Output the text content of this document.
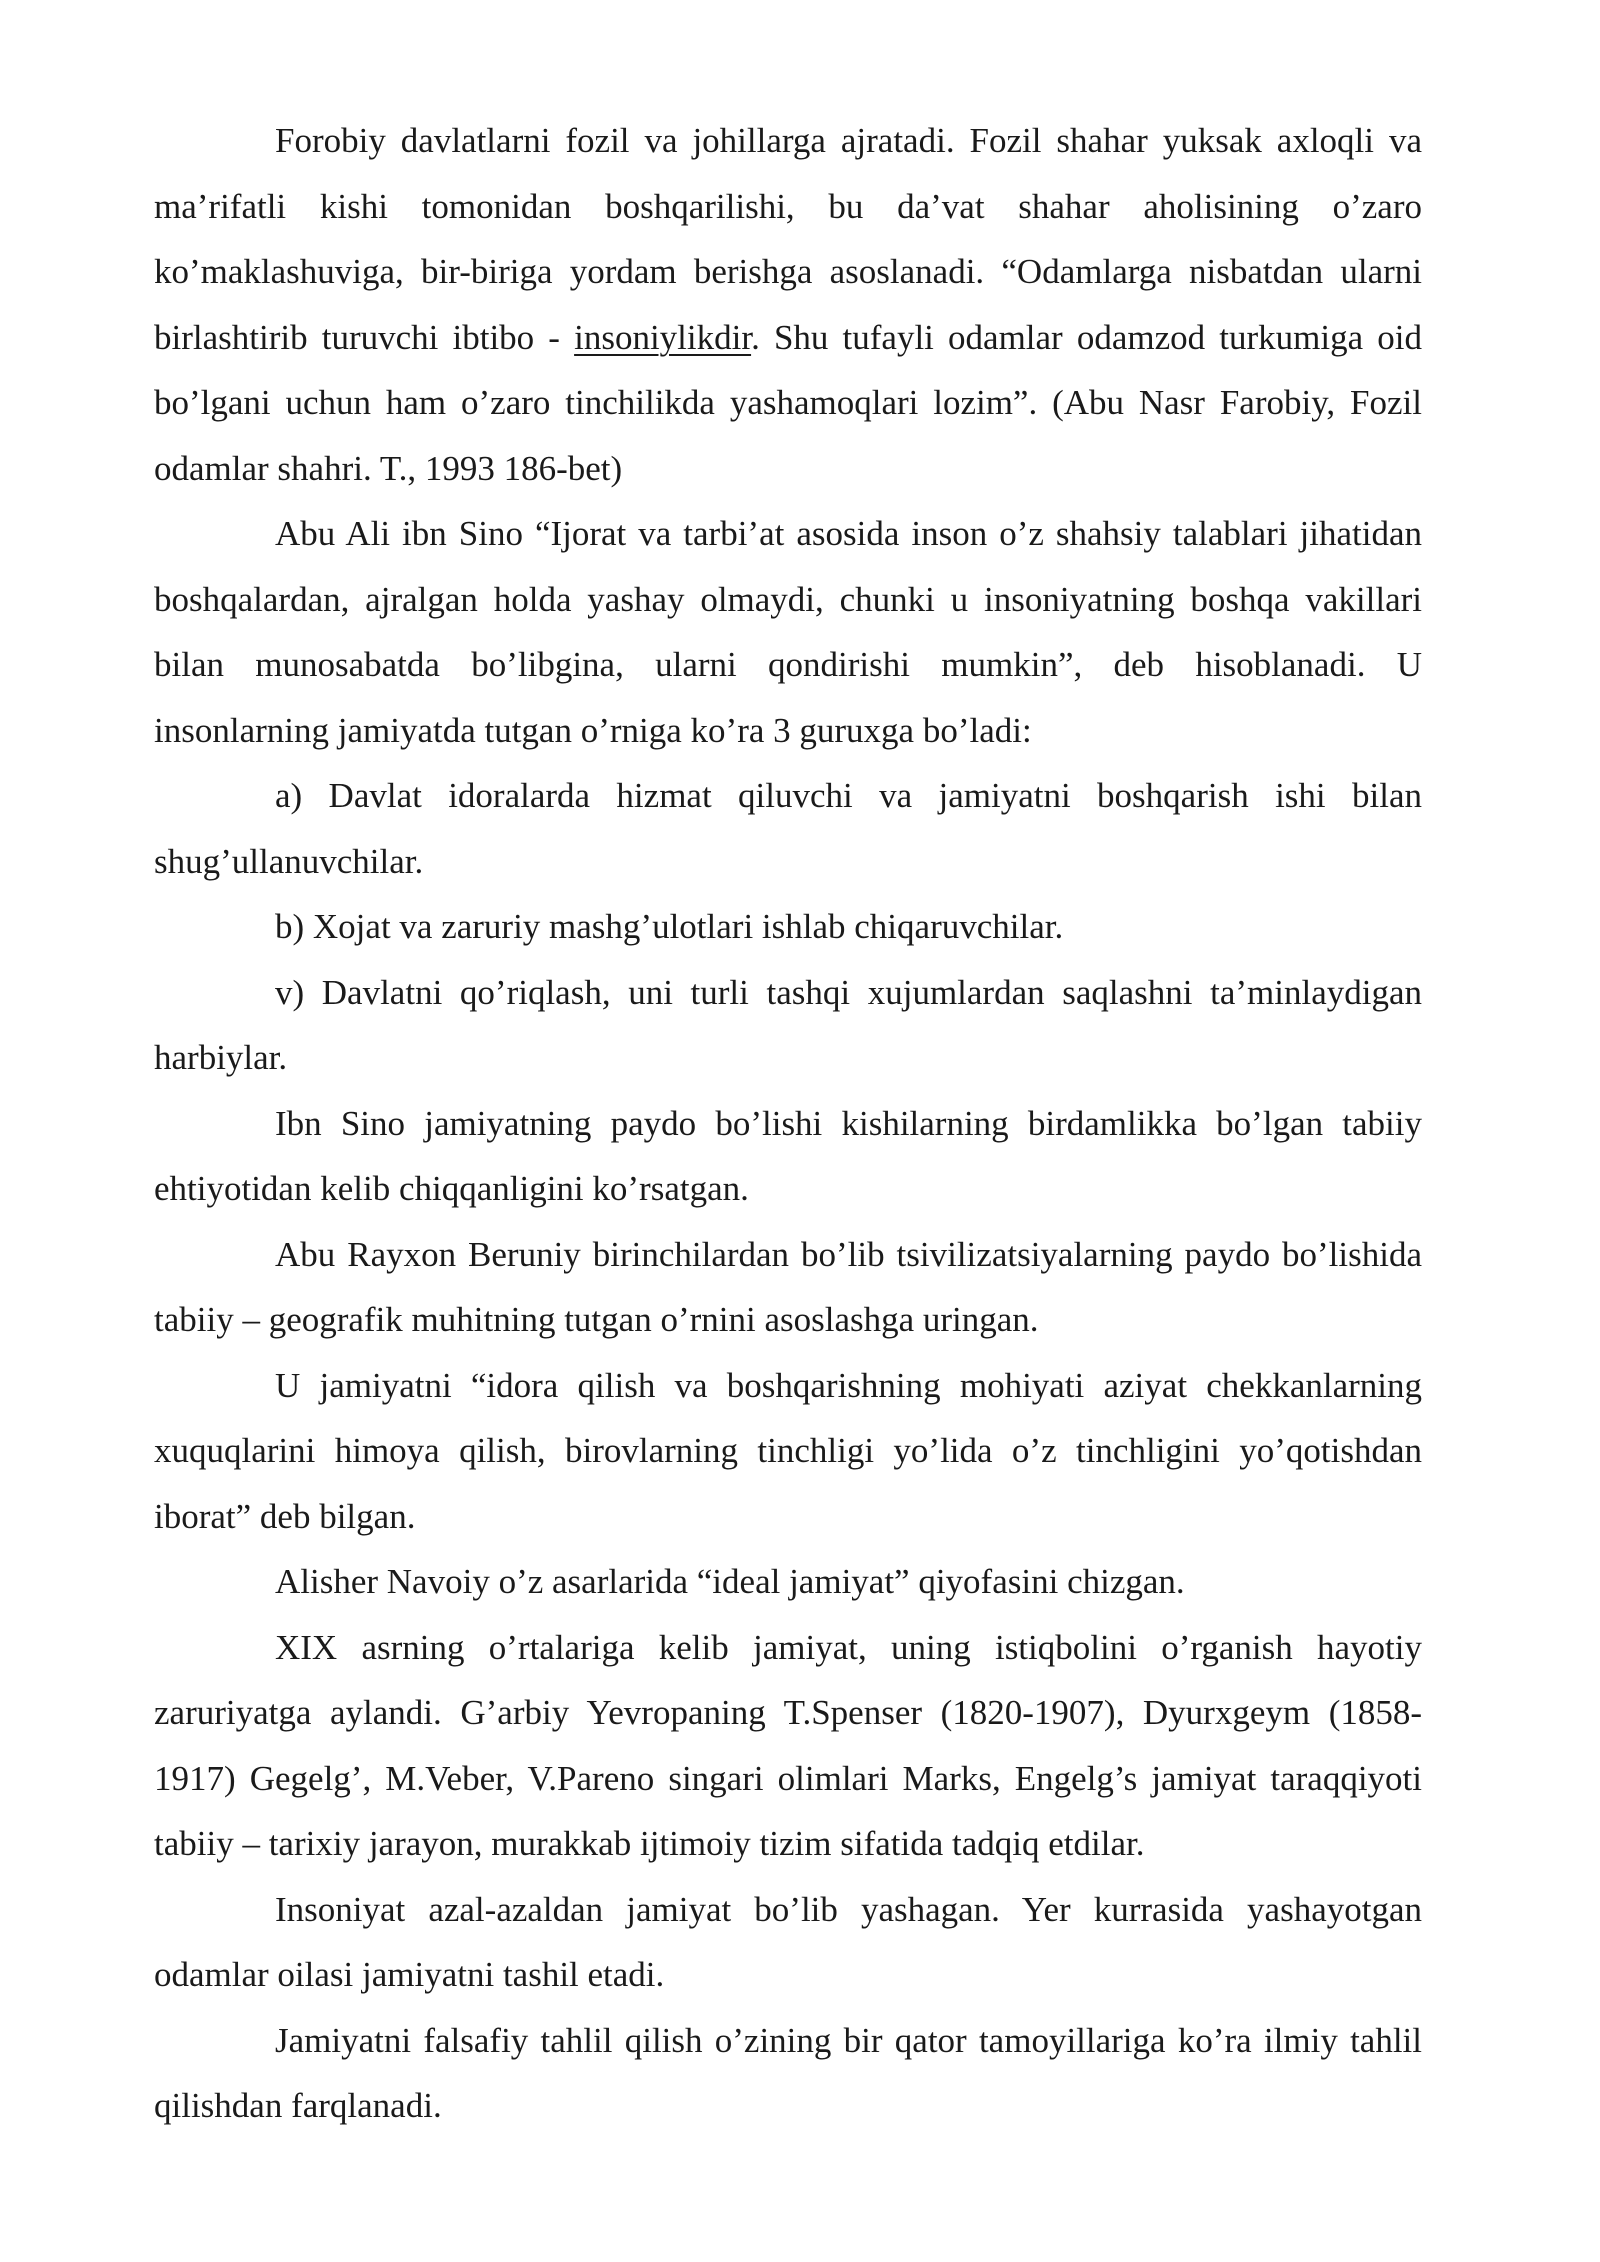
Forobiy davlatlarni fozil va johillarga ajratadi. Fozil shahar yuksak axloqli va ma’rifatli kishi tomonidan boshqarilishi, bu da’vat shahar aholisining o’zaro ko’maklashuviga, bir-biriga yordam berishga asoslanadi. “Odamlarga nisbatdan ularni birlashtirib turuvchi ibtibo - insoniylikdir. Shu tufayli odamlar odamzod turkumiga oid bo’lgani uchun ham o’zaro tinchilikda yashamoqlari lozim”. (Abu Nasr Farobiy, Fozil odamlar shahri. T., 1993 186-bet)

Abu Ali ibn Sino “Ijorat va tarbi’at asosida inson o’z shahsiy talablari jihatidan boshqalardan, ajralgan holda yashay olmaydi, chunki u insoniyatning boshqa vakillari bilan munosabatda bo’libgina, ularni qondirishi mumkin”, deb hisoblanadi. U insonlarning jamiyatda tutgan o’rniga ko’ra 3 guruxga bo’ladi:

a) Davlat idoralarda hizmat qiluvchi va jamiyatni boshqarish ishi bilan shug’ullanuvchilar.

b) Xojat va zaruriy mashg’ulotlari ishlab chiqaruvchilar.

v) Davlatni qo’riqlash, uni turli tashqi xujumlardan saqlashni ta’minlaydigan harbiylar.

Ibn Sino jamiyatning paydo bo’lishi kishilarning birdamlikka bo’lgan tabiiy ehtiyotidan kelib chiqqanligini ko’rsatgan.

Abu Rayxon Beruniy birinchilardan bo’lib tsivilizatsiyalarning paydo bo’lishida tabiiy – geografik muhitning tutgan o’rnini asoslashga uringan.

U jamiyatni “idora qilish va boshqarishning mohiyati aziyat chekkanlarning xuquqlarini himoya qilish, birovlarning tinchligi yo’lida o’z tinchligini yo’qotishdan iborat” deb bilgan.

Alisher Navoiy o’z asarlarida “ideal jamiyat” qiyofasini chizgan.

XIX asrning o’rtalariga kelib jamiyat, uning istiqbolini o’rganish hayotiy zaruriyatga aylandi. G’arbiy Yevropaning T.Spenser (1820-1907), Dyurxgeym (1858-1917) Gegelg’, M.Veber, V.Pareno singari olimlari Marks, Engelg’s jamiyat taraqqiyoti tabiiy – tarixiy jarayon, murakkab ijtimoiy tizim sifatida tadqiq etdilar.

Insoniyat azal-azaldan jamiyat bo’lib yashagan. Yer kurrasida yashayotgan odamlar oilasi jamiyatni tashil etadi.

Jamiyatni falsafiy tahlil qilish o’zining bir qator tamoyillariga ko’ra ilmiy tahlil qilishdan farqlanadi.
